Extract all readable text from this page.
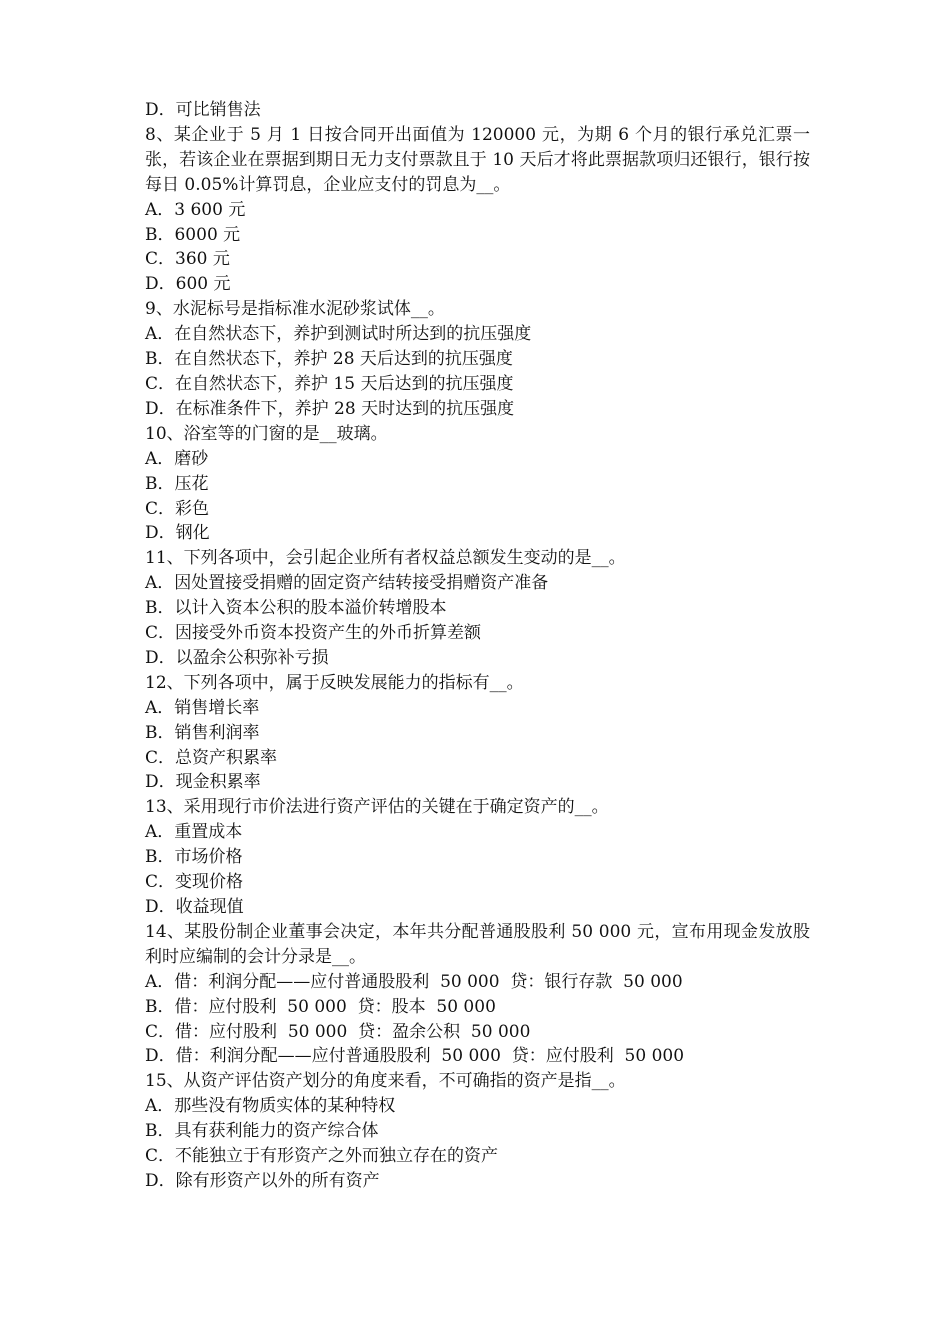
D．可比销售法

8、某企业于 5 月 1 日按合同开出面值为 120000 元，为期 6 个月的银行承兑汇票一张，若该企业在票据到期日无力支付票款且于 10 天后才将此票据款项归还银行，银行按每日 0.05%计算罚息，企业应支付的罚息为__。

A．3 600 元

B．6000 元

C．360 元

D．600 元

9、水泥标号是指标准水泥砂浆试体__。

A．在自然状态下，养护到测试时所达到的抗压强度

B．在自然状态下，养护 28 天后达到的抗压强度

C．在自然状态下，养护 15 天后达到的抗压强度

D．在标准条件下，养护 28 天时达到的抗压强度

10、浴室等的门窗的是__玻璃。

A．磨砂

B．压花

C．彩色

D．钢化

11、下列各项中，会引起企业所有者权益总额发生变动的是__。

A．因处置接受捐赠的固定资产结转接受捐赠资产准备

B．以计入资本公积的股本溢价转增股本

C．因接受外币资本投资产生的外币折算差额

D．以盈余公积弥补亏损

12、下列各项中，属于反映发展能力的指标有__。

A．销售增长率

B．销售利润率

C．总资产积累率

D．现金积累率

13、采用现行市价法进行资产评估的关键在于确定资产的__。

A．重置成本

B．市场价格

C．变现价格

D．收益现值

14、某股份制企业董事会决定，本年共分配普通股股利 50 000 元，宣布用现金发放股利时应编制的会计分录是__。

A．借：利润分配——应付普通股股利  50 000  贷：银行存款  50 000

B．借：应付股利  50 000  贷：股本  50 000

C．借：应付股利  50 000  贷：盈余公积  50 000

D．借：利润分配——应付普通股股利  50 000  贷：应付股利  50 000

15、从资产评估资产划分的角度来看，不可确指的资产是指__。

A．那些没有物质实体的某种特权

B．具有获利能力的资产综合体

C．不能独立于有形资产之外而独立存在的资产

D．除有形资产以外的所有资产
